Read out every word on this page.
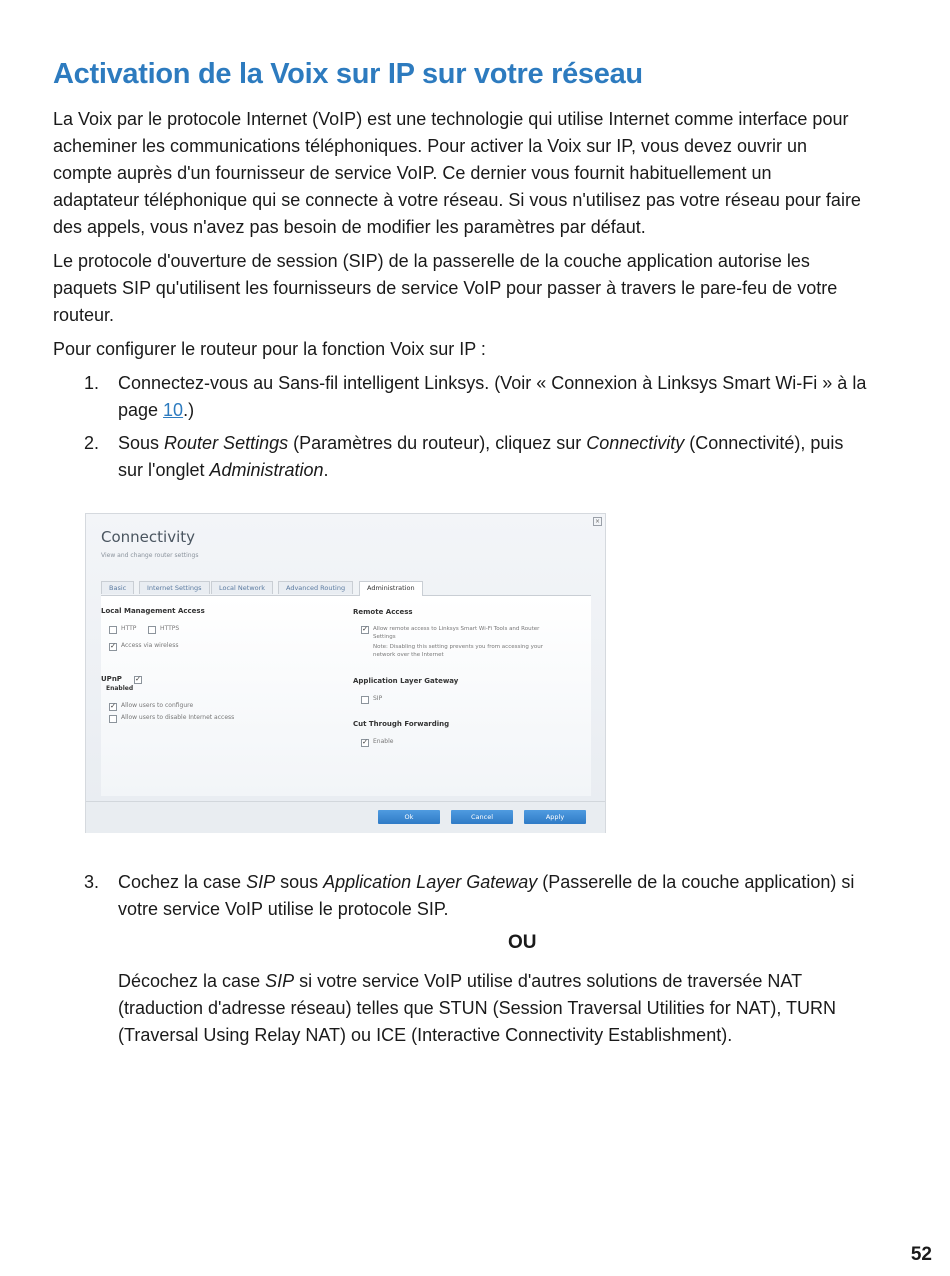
Activation de la Voix sur IP sur votre réseau
La Voix par le protocole Internet (VoIP) est une technologie qui utilise Internet comme interface pour
acheminer les communications téléphoniques. Pour activer la Voix sur IP, vous devez ouvrir un
compte auprès d'un fournisseur de service VoIP. Ce dernier vous fournit habituellement un
adaptateur téléphonique qui se connecte à votre réseau. Si vous n'utilisez pas votre réseau pour faire
des appels, vous n'avez pas besoin de modifier les paramètres par défaut.
Le protocole d'ouverture de session (SIP) de la passerelle de la couche application autorise les
paquets SIP qu'utilisent les fournisseurs de service VoIP pour passer à travers le pare-feu de votre
routeur.
Pour configurer le routeur pour la fonction Voix sur IP :
1.	Connectez-vous au Sans-fil intelligent Linksys. (Voir « Connexion à Linksys Smart Wi-Fi » à la
page 10.)
2.	Sous Router Settings (Paramètres du routeur), cliquez sur Connectivity (Connectivité), puis
sur l'onglet Administration.
×
Connectivity
View and change router settings
Basic	Internet Settings	Local Network	Advanced Routing	Administration
Local Management Access
HTTP	HTTPS
✓ Access via wireless
UPnP ✓
Enabled
✓ Allow users to configure
Allow users to disable Internet access
Remote Access
✓ Allow remote access to Linksys Smart Wi-Fi Tools and Router
Settings
Note: Disabling this setting prevents you from accessing your
network over the Internet
Application Layer Gateway
SIP
Cut Through Forwarding
✓ Enable
Ok	Cancel	Apply
3.	Cochez la case SIP sous Application Layer Gateway (Passerelle de la couche application) si
votre service VoIP utilise le protocole SIP.
OU
Décochez la case SIP si votre service VoIP utilise d'autres solutions de traversée NAT
(traduction d'adresse réseau) telles que STUN (Session Traversal Utilities for NAT), TURN
(Traversal Using Relay NAT) ou ICE (Interactive Connectivity Establishment).
52
